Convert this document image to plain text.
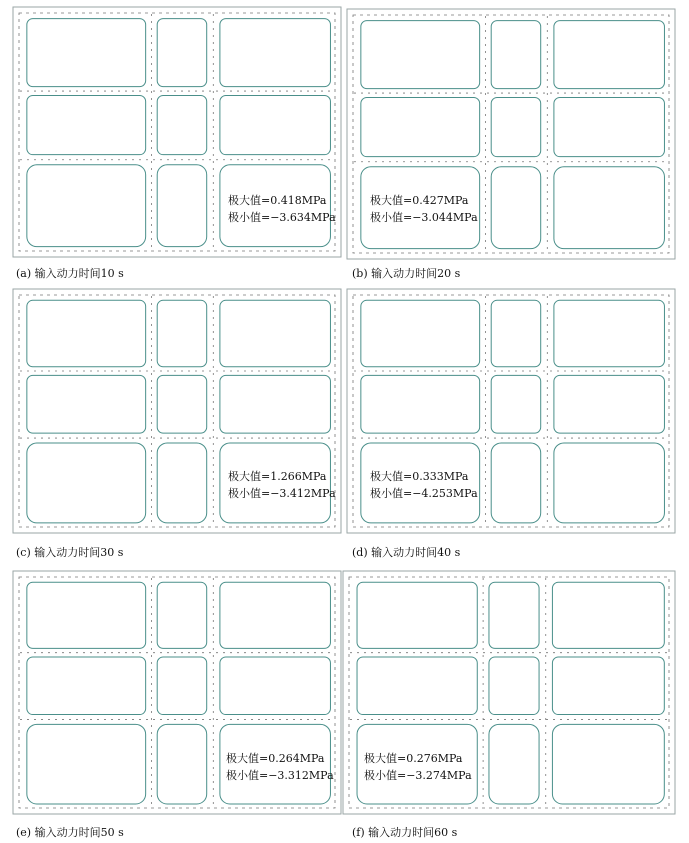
极大值=0.418MPa
极小值=−3.634MPa
(a) 输入动力时间10 s
极大值=0.427MPa
极小值=−3.044MPa
(b) 输入动力时间20 s
极大值=1.266MPa
极小值=−3.412MPa
(c) 输入动力时间30 s
极大值=0.333MPa
极小值=−4.253MPa
(d) 输入动力时间40 s
极大值=0.264MPa
极小值=−3.312MPa
(e) 输入动力时间50 s
极大值=0.276MPa
极小值=−3.274MPa
(f) 输入动力时间60 s
